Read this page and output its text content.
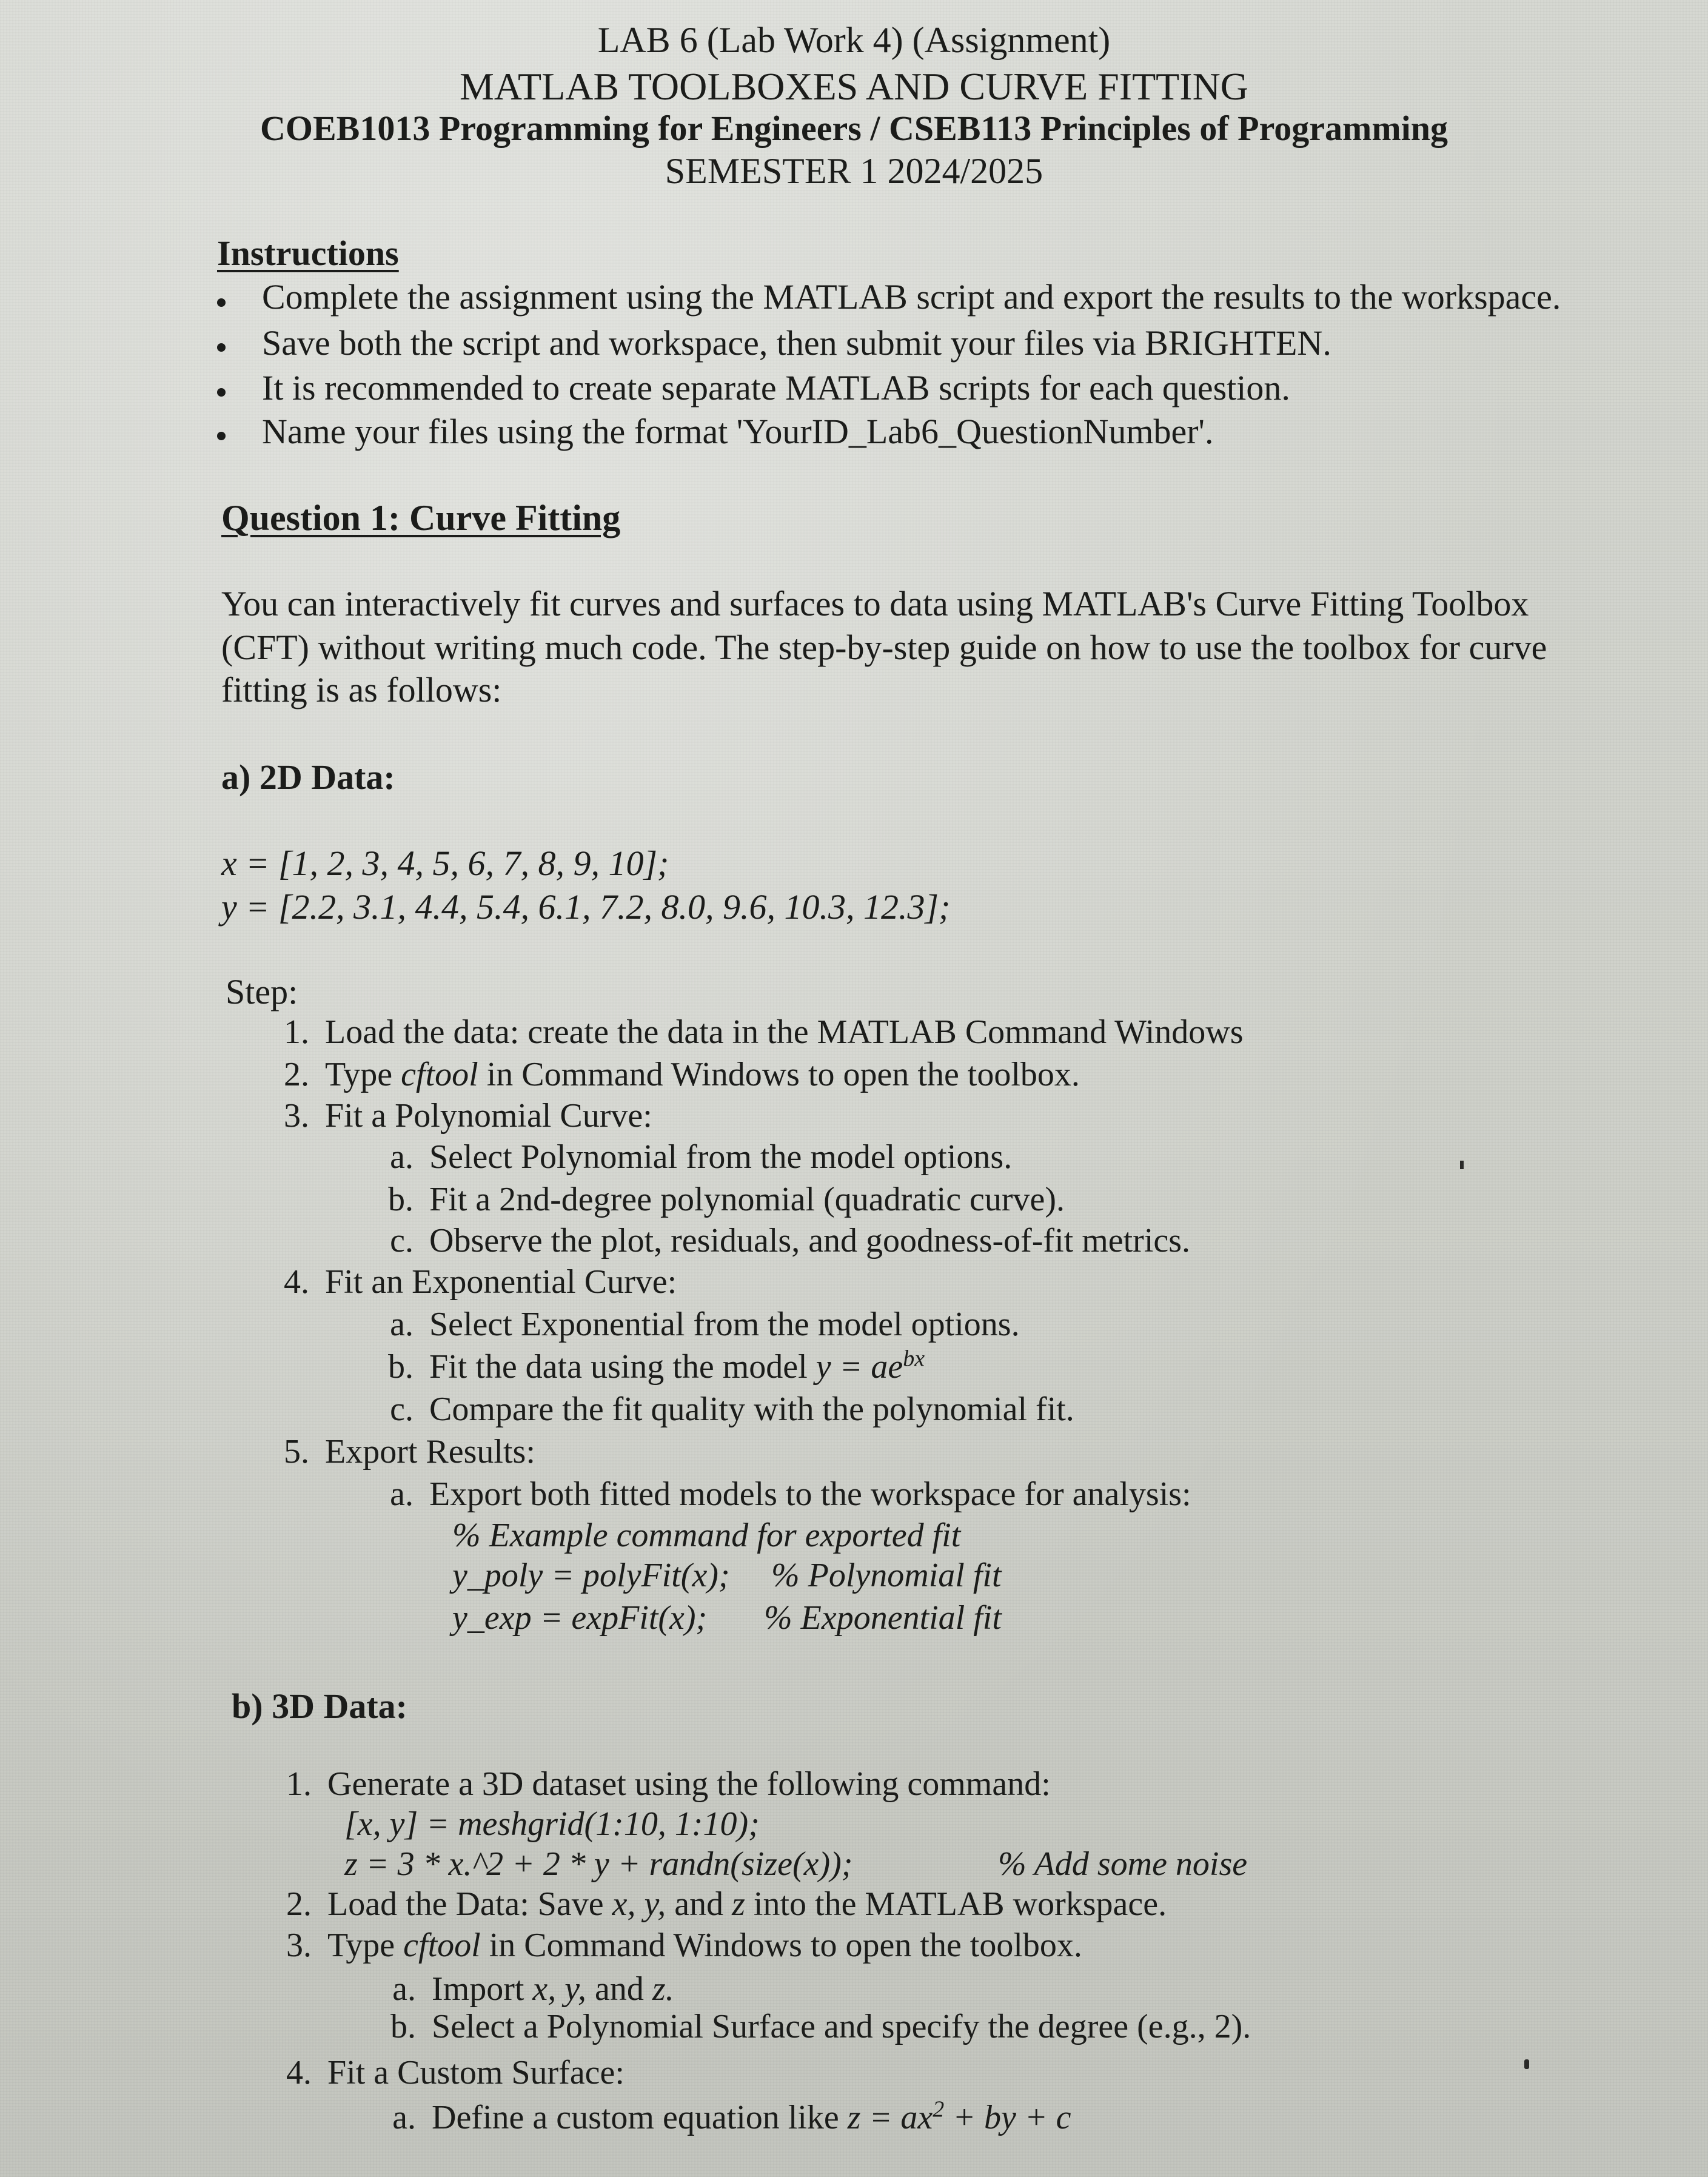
LAB 6 (Lab Work 4) (Assignment)
MATLAB TOOLBOXES AND CURVE FITTING
COEB1013 Programming for Engineers / CSEB113 Principles of Programming
SEMESTER 1 2024/2025
Instructions
Complete the assignment using the MATLAB script and export the results to the workspace.
Save both the script and workspace, then submit your files via BRIGHTEN.
It is recommended to create separate MATLAB scripts for each question.
Name your files using the format 'YourID_Lab6_QuestionNumber'.
Question 1: Curve Fitting
You can interactively fit curves and surfaces to data using MATLAB's Curve Fitting Toolbox
(CFT) without writing much code. The step-by-step guide on how to use the toolbox for curve
fitting is as follows:
a) 2D Data:
x = [1, 2, 3, 4, 5, 6, 7, 8, 9, 10];
y = [2.2, 3.1, 4.4, 5.4, 6.1, 7.2, 8.0, 9.6, 10.3, 12.3];
Step:
1. Load the data: create the data in the MATLAB Command Windows
2. Type cftool in Command Windows to open the toolbox.
3. Fit a Polynomial Curve:
a. Select Polynomial from the model options.
b. Fit a 2nd-degree polynomial (quadratic curve).
c. Observe the plot, residuals, and goodness-of-fit metrics.
4. Fit an Exponential Curve:
a. Select Exponential from the model options.
b. Fit the data using the model $y = ae^{bx}$
c. Compare the fit quality with the polynomial fit.
5. Export Results:
a. Export both fitted models to the workspace for analysis:
% Example command for exported fit
y_poly = polyFit(x); % Polynomial fit
y_exp = expFit(x); % Exponential fit
b) 3D Data:
1. Generate a 3D dataset using the following command:
[x, y] = meshgrid(1:10, 1:10);
z = 3 * x.^2 + 2 * y + randn(size(x));	% Add some noise
2. Load the Data: Save x, y, and z into the MATLAB workspace.
3. Type cftool in Command Windows to open the toolbox.
a. Import x, y, and z.
b. Select a Polynomial Surface and specify the degree (e.g., 2).
4. Fit a Custom Surface:
a. Define a custom equation like $z = ax^2$ + by + c
